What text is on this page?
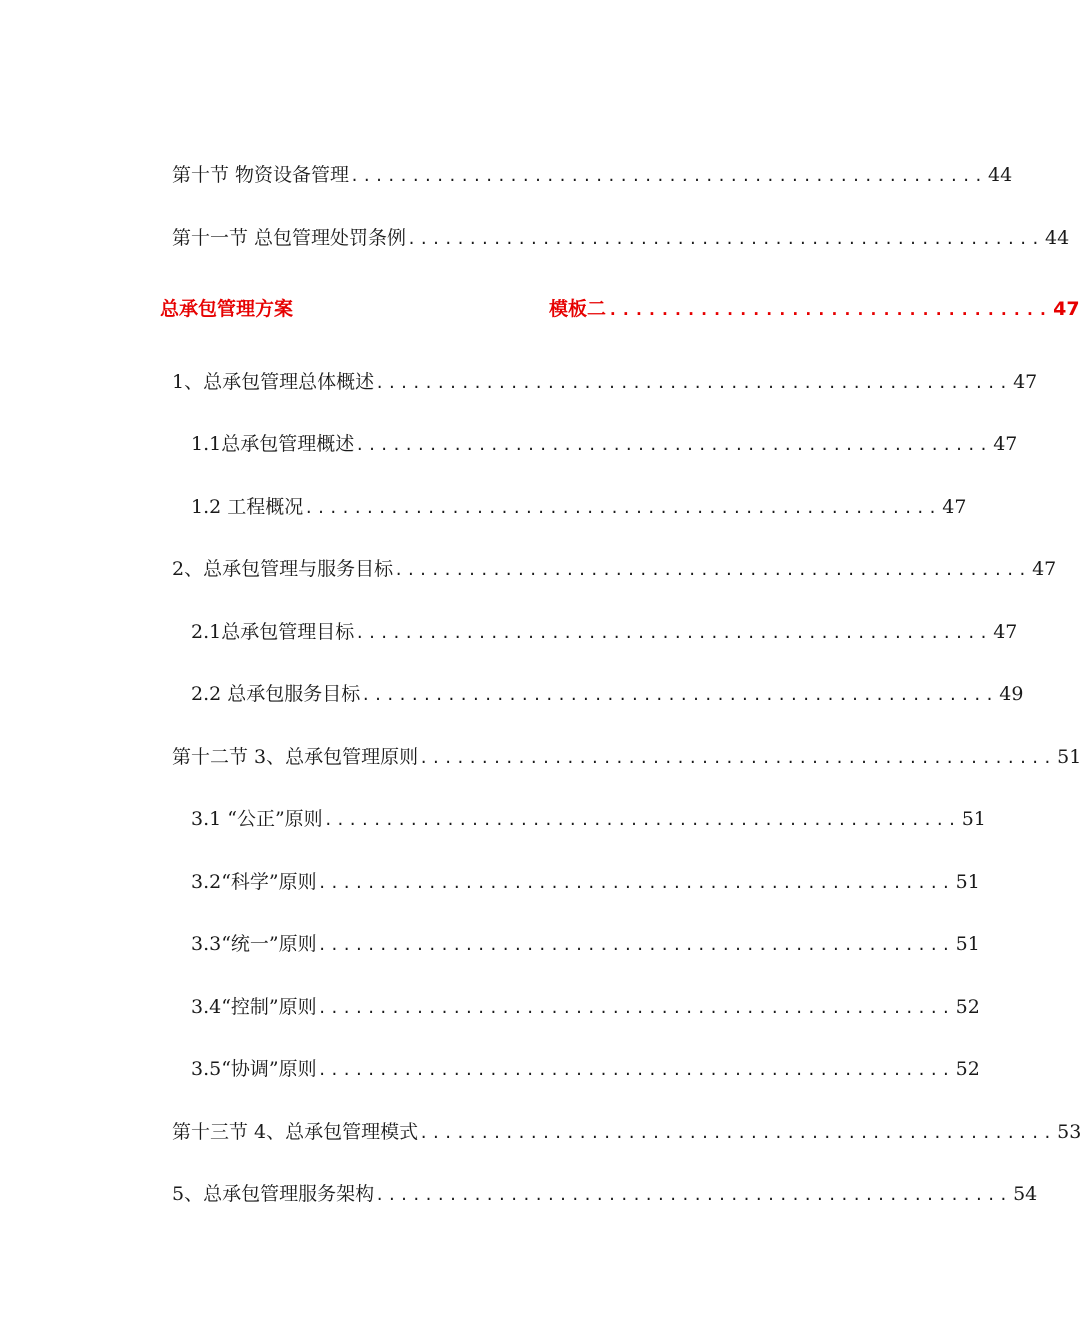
第十节 物资设备管理 .................................................... 44
第十一节 总包管理处罚条例 .................................................... 44
总承包管理方案	模板二 .................................. 47
1、总承包管理总体概述 .................................................... 47
1.1总承包管理概述 .................................................... 47
1.2 工程概况 .................................................... 47
2、总承包管理与服务目标 .................................................... 47
2.1总承包管理目标 .................................................... 47
2.2 总承包服务目标 .................................................... 49
第十二节 3、总承包管理原则 .................................................... 51
3.1 “公正”原则 .................................................... 51
3.2“科学”原则 .................................................... 51
3.3“统一”原则 .................................................... 51
3.4“控制”原则 .................................................... 52
3.5“协调”原则 .................................................... 52
第十三节 4、总承包管理模式 .................................................... 53
5、总承包管理服务架构 .................................................... 54
